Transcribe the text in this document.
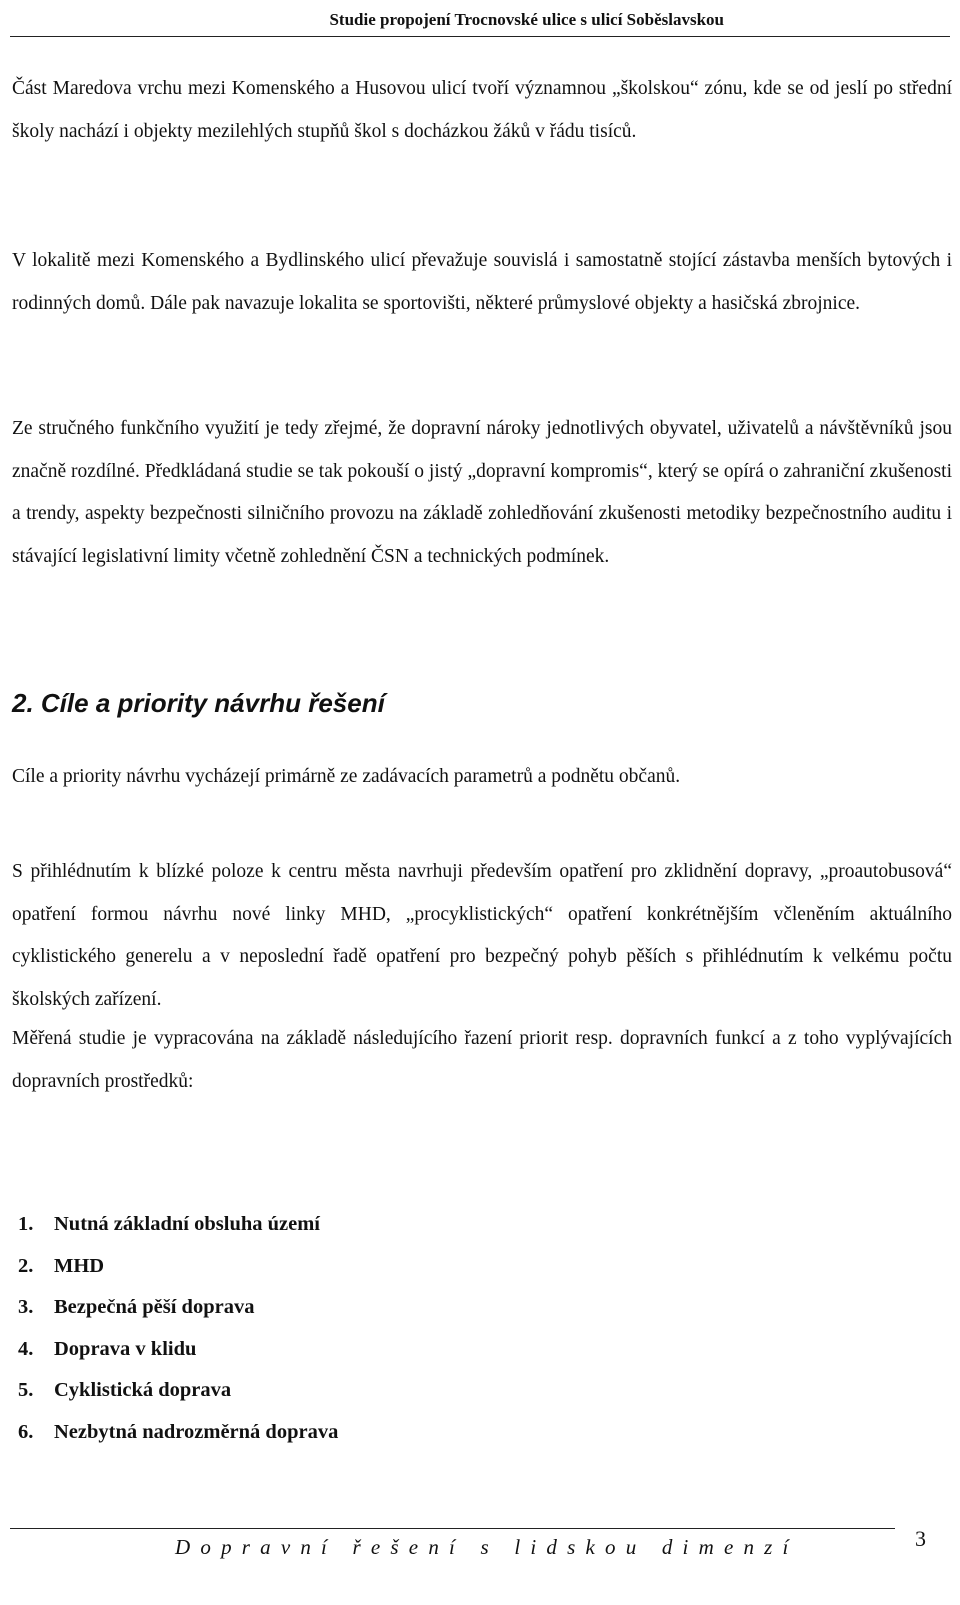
Studie propojení Trocnovské ulice s ulicí Soběslavskou

Část Maredova vrchu mezi Komenského a Husovou ulicí tvoří významnou „školskou“ zónu, kde se od jeslí po střední školy nachází i objekty mezilehlých stupňů škol s docházkou žáků v řádu tisíců.

V lokalitě mezi Komenského a Bydlinského ulicí převažuje souvislá i samostatně stojící zástavba menších bytových i rodinných domů. Dále pak navazuje lokalita se sportovišti, některé průmyslové objekty a hasičská zbrojnice.

Ze stručného funkčního využití je tedy zřejmé, že dopravní nároky jednotlivých obyvatel, uživatelů a návštěvníků jsou značně rozdílné. Předkládaná studie se tak pokouší o jistý „dopravní kompromis“, který se opírá o zahraniční zkušenosti a trendy, aspekty bezpečnosti silničního provozu na základě zohledňování zkušenosti metodiky bezpečnostního auditu i stávající legislativní limity včetně zohlednění ČSN a technických podmínek.

2. Cíle a priority návrhu řešení

Cíle a priority návrhu vycházejí primárně ze zadávacích parametrů a podnětu občanů.

S přihlédnutím k blízké poloze k centru města navrhuji především opatření pro zklidnění dopravy, „proautobusová“ opatření formou návrhu nové linky MHD, „procyklistických“ opatření konkrétnějším včleněním aktuálního cyklistického generelu a v neposlední řadě opatření pro bezpečný pohyb pěších s přihlédnutím k velkému počtu školských zařízení.

Měřená studie je vypracována na základě následujícího řazení priorit resp. dopravních funkcí a z toho vyplývajících dopravních prostředků:

1.	Nutná základní obsluha území
2.	MHD
3.	Bezpečná pěší doprava
4.	Doprava v klidu
5.	Cyklistická doprava
6.	Nezbytná nadrozměrná doprava
Dopravní řešení s lidskou dimenzí	3
